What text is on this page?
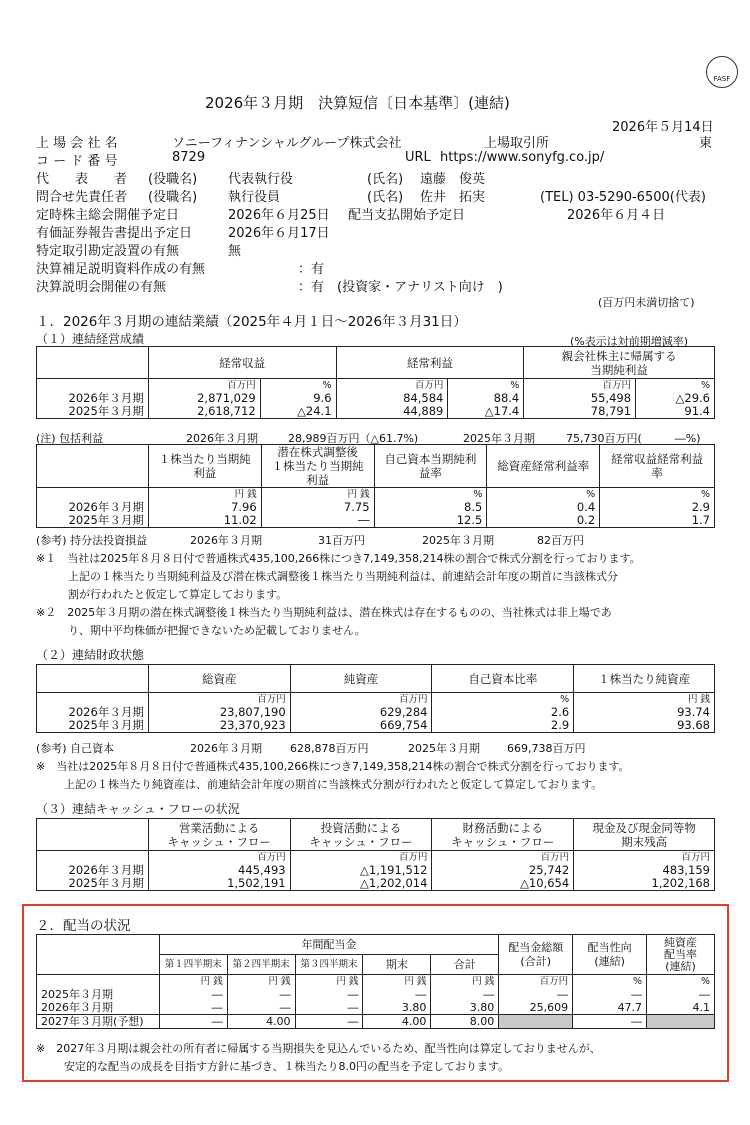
FASF
2026年３月期　決算短信〔日本基準〕(連結)
2026年５月14日
上 場 会 社 名	ソニーフィナンシャルグループ株式会社	上場取引所	東
コ ー ド 番 号	8729	URL https://www.sonyfg.co.jp/
代　　表　　者 (役職名) 代表執行役	(氏名) 遠藤　俊英
問合せ先責任者 (役職名) 執行役員	(氏名) 佐井　拓実	(TEL) 03-5290-6500(代表)
定時株主総会開催予定日	2026年６月25日 配当支払開始予定日	2026年６月４日
有価証券報告書提出予定日	2026年６月17日
特定取引勘定設置の有無	無
決算補足説明資料作成の有無	：有
決算説明会開催の有無	：有　(投資家・アナリスト向け　)
(百万円未満切捨て)
１．2026年３月期の連結業績（2025年４月１日～2026年３月31日）
（１）連結経営成績	(%表示は対前期増減率)
	経常収益		経常利益		親会社株主に帰属する
当期純利益	
	百万円	%	百万円	%	百万円	%
2026年３月期	2,871,029	9.6	84,584	88.4	55,498	△29.6
2025年３月期	2,618,712	△24.1	44,889	△17.4	78,791	91.4
(注) 包括利益	2026年３月期	28,989百万円（△61.7%)	2025年３月期	75,730百万円(　　　―%)
	１株当たり当期純
利益	潜在株式調整後
１株当たり当期純
利益	自己資本当期純利
益率	総資産経常利益率	経常収益経常利益
率
	円 銭	円 銭	%	%	%
2026年３月期	7.96	7.75	8.5	0.4	2.9
2025年３月期	11.02	―	12.5	0.2	1.7
(参考) 持分法投資損益	2026年３月期	31百万円	2025年３月期	82百万円
※１　当社は2025年８月８日付で普通株式435,100,266株につき7,149,358,214株の割合で株式分割を行っております。
上記の１株当たり当期純利益及び潜在株式調整後１株当たり当期純利益は、前連結会計年度の期首に当該株式分
割が行われたと仮定して算定しております。
※２　2025年３月期の潜在株式調整後１株当たり当期純利益は、潜在株式は存在するものの、当社株式は非上場であ
り、期中平均株価が把握できないため記載しておりません。
（２）連結財政状態
	総資産	純資産	自己資本比率	１株当たり純資産
	百万円	百万円	%	円 銭
2026年３月期	23,807,190	629,284	2.6	93.74
2025年３月期	23,370,923	669,754	2.9	93.68
(参考) 自己資本	2026年３月期	628,878百万円	2025年３月期 669,738百万円
※　当社は2025年８月８日付で普通株式435,100,266株につき7,149,358,214株の割合で株式分割を行っております。
上記の１株当たり純資産は、前連結会計年度の期首に当該株式分割が行われたと仮定して算定しております。
（３）連結キャッシュ・フローの状況
	営業活動による
キャッシュ・フロー	投資活動による
キャッシュ・フロー	財務活動による
キャッシュ・フロー	現金及び現金同等物
期末残高
	百万円	百万円	百万円	百万円
2026年３月期	445,493	△1,191,512	25,742	483,159
2025年３月期	1,502,191	△1,202,014	△10,654	1,202,168
２．配当の状況
	年間配当金					配当金総額
(合計)	配当性向
(連結)	純資産
配当率
(連結)
	第１四半期末	第２四半期末	第３四半期末	期末	合計			
	円 銭	円 銭	円 銭	円 銭	円 銭	百万円	%	%
2025年３月期	―	―	―	―	―	―	―	―
2026年３月期	―	―	―	3.80	3.80	25,609	47.7	4.1
2027年３月期(予想)	―	4.00	―	4.00	8.00		―	
※　2027年３月期は親会社の所有者に帰属する当期損失を見込んでいるため、配当性向は算定しておりませんが、
安定的な配当の成長を目指す方針に基づき、１株当たり8.0円の配当を予定しております。
